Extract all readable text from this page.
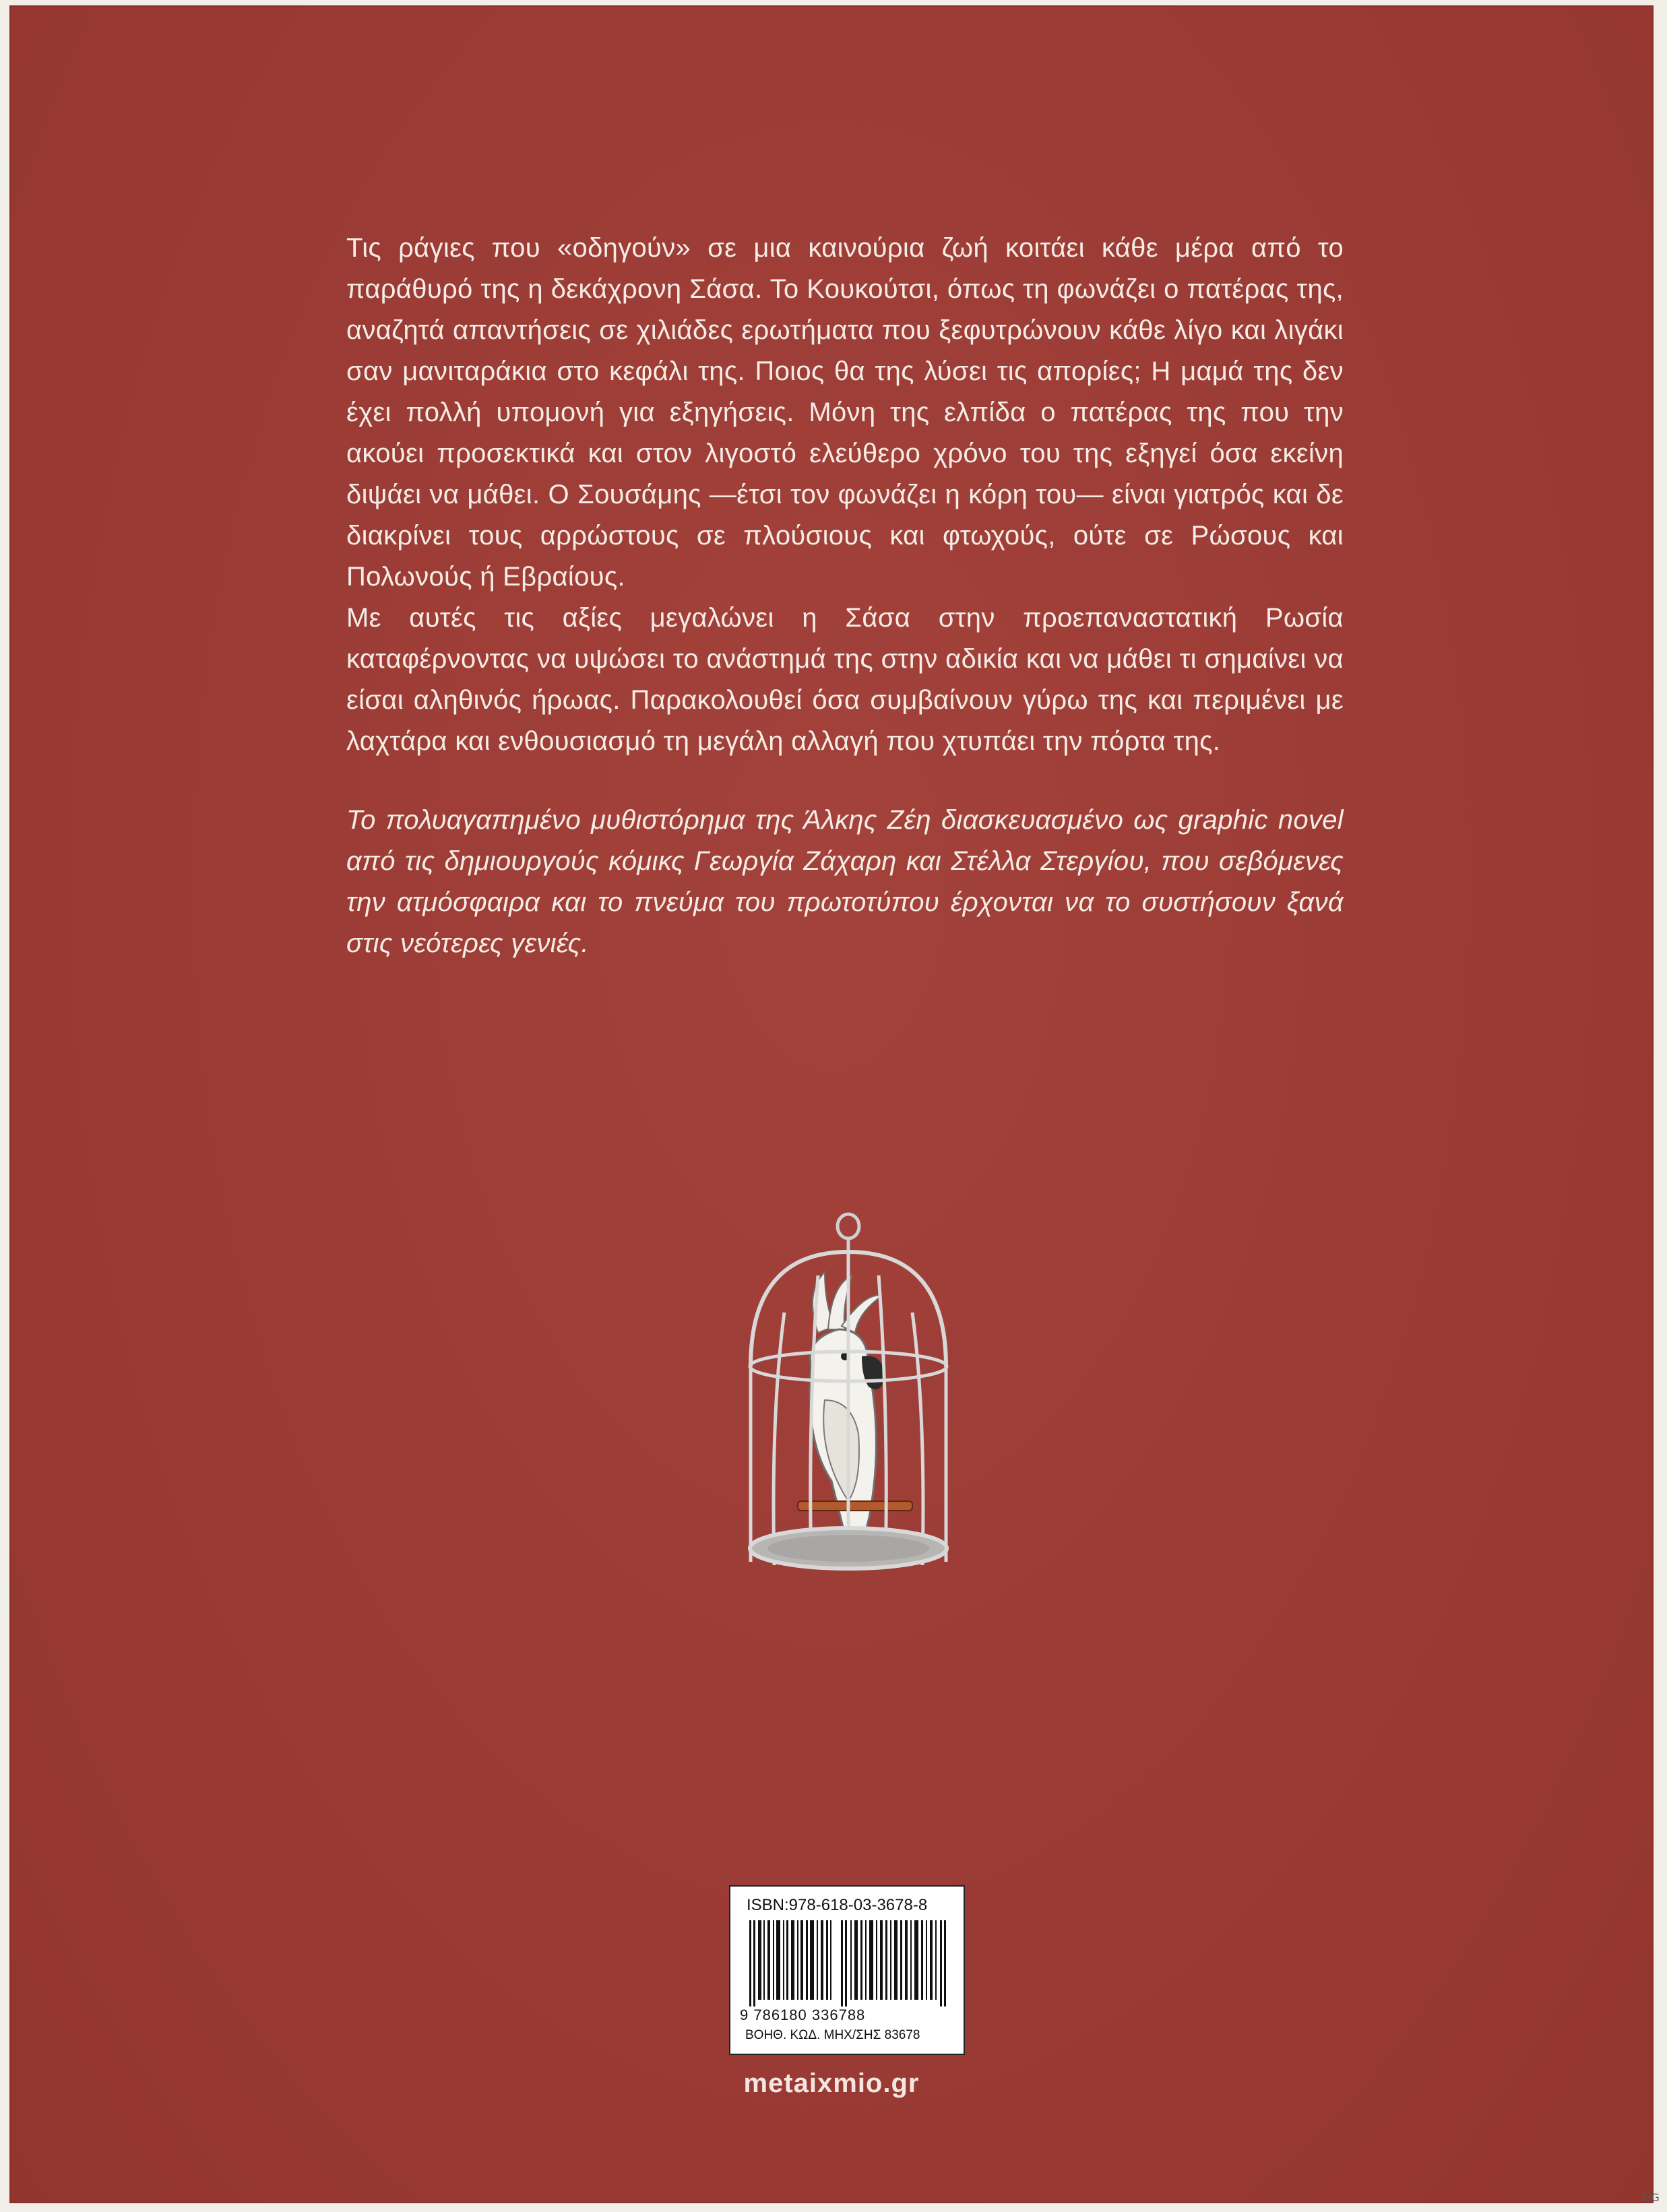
Τις ράγιες που «οδηγούν» σε μια καινούρια ζωή κοιτάει κάθε μέρα από το παράθυρό της η δεκάχρονη Σάσα. Το Κουκούτσι, όπως τη φωνάζει ο πατέρας της, αναζητά απαντήσεις σε χιλιάδες ερωτήματα που ξεφυτρώνουν κάθε λίγο και λιγάκι σαν μανιταράκια στο κεφάλι της. Ποιος θα της λύσει τις απορίες; Η μαμά της δεν έχει πολλή υπομονή για εξηγήσεις. Μόνη της ελπίδα ο πατέρας της που την ακούει προσεκτικά και στον λιγοστό ελεύθερο χρόνο του της εξηγεί όσα εκείνη διψάει να μάθει. Ο Σουσάμης —έτσι τον φωνάζει η κόρη του— είναι γιατρός και δε διακρίνει τους αρρώστους σε πλούσιους και φτωχούς, ούτε σε Ρώσους και Πολωνούς ή Εβραίους.

Με αυτές τις αξίες μεγαλώνει η Σάσα στην προεπαναστατική Ρωσία καταφέρνοντας να υψώσει το ανάστημά της στην αδικία και να μάθει τι σημαίνει να είσαι αληθινός ήρωας. Παρακολουθεί όσα συμβαίνουν γύρω της και περιμένει με λαχτάρα και ενθουσιασμό τη μεγάλη αλλαγή που χτυπάει την πόρτα της.

Το πολυαγαπημένο μυθιστόρημα της Άλκης Ζέη διασκευασμένο ως graphic novel από τις δημιουργούς κόμικς Γεωργία Ζάχαρη και Στέλλα Στεργίου, που σεβόμενες την ατμόσφαιρα και το πνεύμα του πρωτοτύπου έρχονται να το συστήσουν ξανά στις νεότερες γενιές.

ISBN:978-618-03-3678-8
9 786180 336788
ΒΟΗΘ. ΚΩΔ. ΜΗΧ/ΣΗΣ 83678
metaixmio.gr
GG
